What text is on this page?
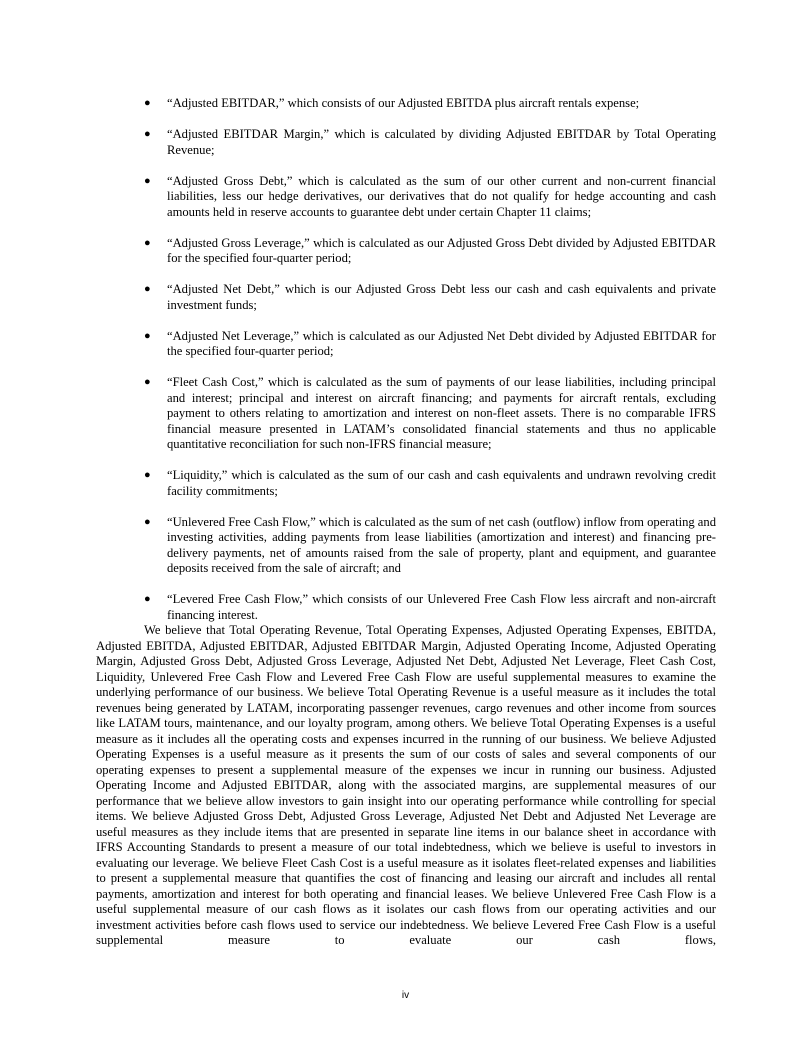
● “Adjusted EBITDAR,” which consists of our Adjusted EBITDA plus aircraft rentals expense;
● “Adjusted EBITDAR Margin,” which is calculated by dividing Adjusted EBITDAR by Total Operating Revenue;
● “Adjusted Gross Debt,” which is calculated as the sum of our other current and non-current financial liabilities, less our hedge derivatives, our derivatives that do not qualify for hedge accounting and cash amounts held in reserve accounts to guarantee debt under certain Chapter 11 claims;
● “Adjusted Gross Leverage,” which is calculated as our Adjusted Gross Debt divided by Adjusted EBITDAR for the specified four-quarter period;
● “Adjusted Net Debt,” which is our Adjusted Gross Debt less our cash and cash equivalents and private investment funds;
● “Adjusted Net Leverage,” which is calculated as our Adjusted Net Debt divided by Adjusted EBITDAR for the specified four-quarter period;
● “Fleet Cash Cost,” which is calculated as the sum of payments of our lease liabilities, including principal and interest; principal and interest on aircraft financing; and payments for aircraft rentals, excluding payment to others relating to amortization and interest on non-fleet assets. There is no comparable IFRS financial measure presented in LATAM’s consolidated financial statements and thus no applicable quantitative reconciliation for such non-IFRS financial measure;
● “Liquidity,” which is calculated as the sum of our cash and cash equivalents and undrawn revolving credit facility commitments;
● “Unlevered Free Cash Flow,” which is calculated as the sum of net cash (outflow) inflow from operating and investing activities, adding payments from lease liabilities (amortization and interest) and financing pre-delivery payments, net of amounts raised from the sale of property, plant and equipment, and guarantee deposits received from the sale of aircraft; and
● “Levered Free Cash Flow,” which consists of our Unlevered Free Cash Flow less aircraft and non-aircraft financing interest.

We believe that Total Operating Revenue, Total Operating Expenses, Adjusted Operating Expenses, EBITDA, Adjusted EBITDA, Adjusted EBITDAR, Adjusted EBITDAR Margin, Adjusted Operating Income, Adjusted Operating Margin, Adjusted Gross Debt, Adjusted Gross Leverage, Adjusted Net Debt, Adjusted Net Leverage, Fleet Cash Cost, Liquidity, Unlevered Free Cash Flow and Levered Free Cash Flow are useful supplemental measures to examine the underlying performance of our business. We believe Total Operating Revenue is a useful measure as it includes the total revenues being generated by LATAM, incorporating passenger revenues, cargo revenues and other income from sources like LATAM tours, maintenance, and our loyalty program, among others. We believe Total Operating Expenses is a useful measure as it includes all the operating costs and expenses incurred in the running of our business. We believe Adjusted Operating Expenses is a useful measure as it presents the sum of our costs of sales and several components of our operating expenses to present a supplemental measure of the expenses we incur in running our business. Adjusted Operating Income and Adjusted EBITDAR, along with the associated margins, are supplemental measures of our performance that we believe allow investors to gain insight into our operating performance while controlling for special items. We believe Adjusted Gross Debt, Adjusted Gross Leverage, Adjusted Net Debt and Adjusted Net Leverage are useful measures as they include items that are presented in separate line items in our balance sheet in accordance with IFRS Accounting Standards to present a measure of our total indebtedness, which we believe is useful to investors in evaluating our leverage. We believe Fleet Cash Cost is a useful measure as it isolates fleet-related expenses and liabilities to present a supplemental measure that quantifies the cost of financing and leasing our aircraft and includes all rental payments, amortization and interest for both operating and financial leases. We believe Unlevered Free Cash Flow is a useful supplemental measure of our cash flows as it isolates our cash flows from our operating activities and our investment activities before cash flows used to service our indebtedness. We believe Levered Free Cash Flow is a useful supplemental measure to evaluate our cash flows,

iv
